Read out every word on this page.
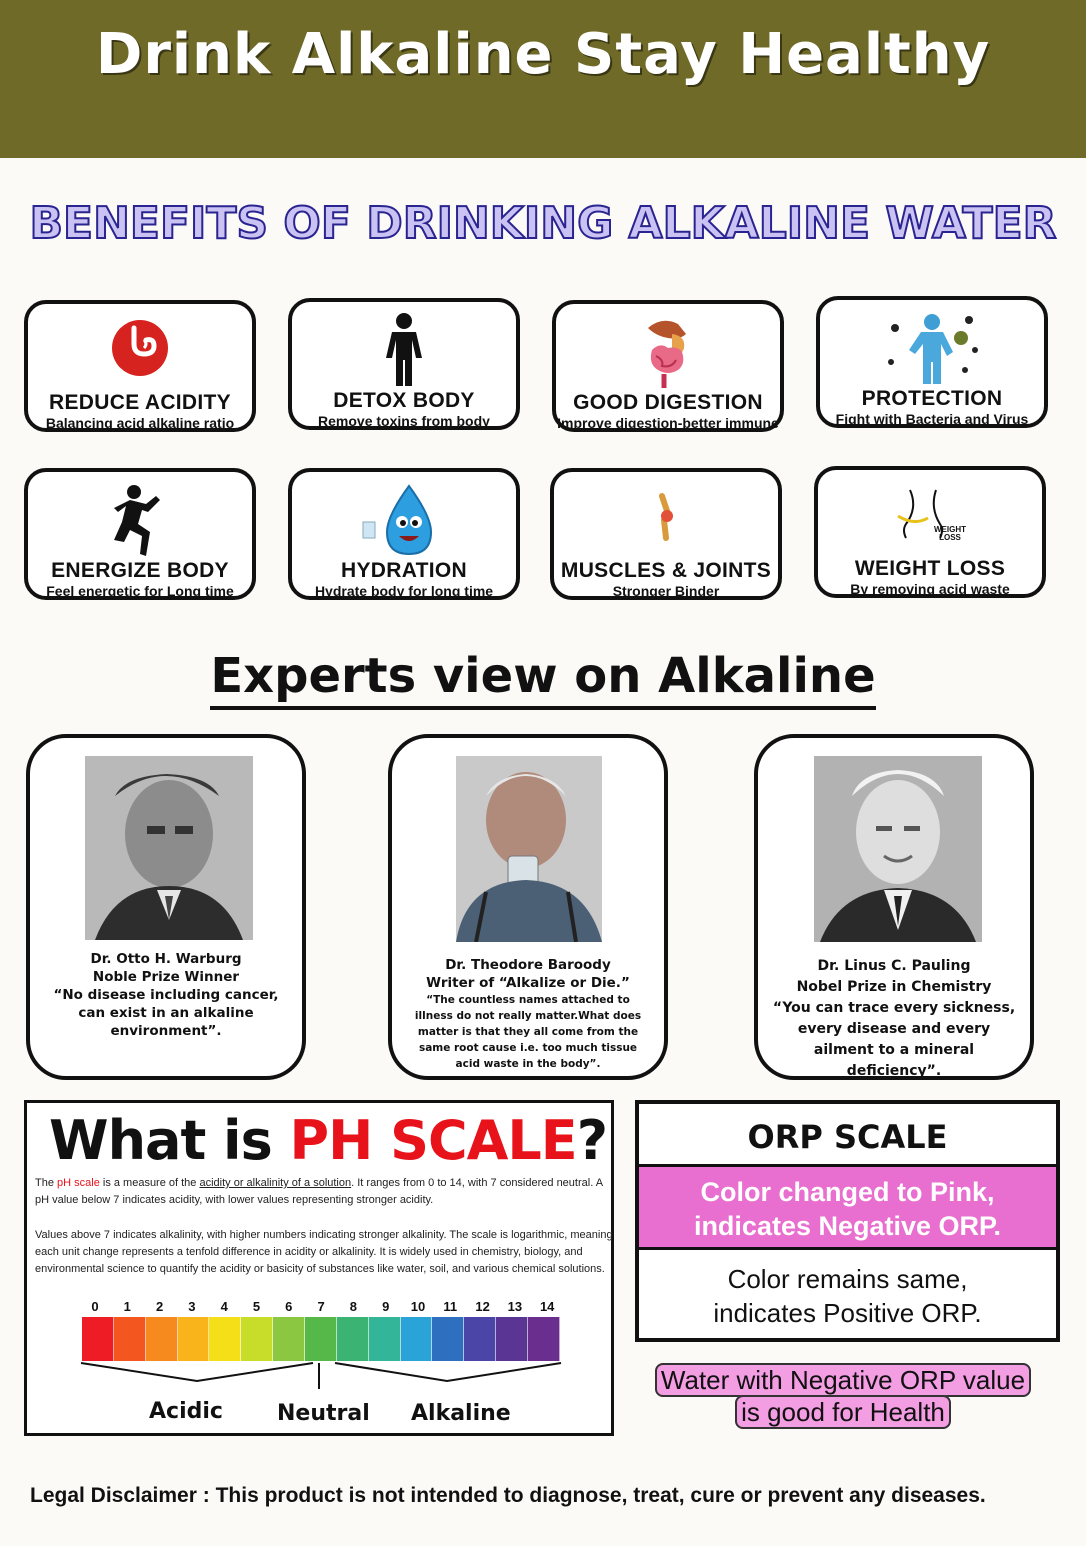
Drink Alkaline Stay Healthy
BENEFITS OF DRINKING ALKALINE WATER
REDUCE ACIDITY
Balancing acid alkaline ratio
DETOX BODY
Remove toxins from body
GOOD DIGESTION
Improve digestion-better immune
PROTECTION
Fight with Bacteria and Virus
ENERGIZE BODY
Feel energetic for Long time
HYDRATION
Hydrate body for long time
MUSCLES & JOINTS
Stronger Binder
WEIGHT LOSS
WEIGHT LOSS
By removing acid waste
Experts view on Alkaline
Dr. Otto H. Warburg
Noble Prize Winner
“No disease including cancer, can exist in an alkaline environment”.
Dr. Theodore Baroody
Writer of “Alkalize or Die.”
“The countless names attached to illness do not really matter.What does matter is that they all come from the same root cause i.e. too much tissue acid waste in the body”.
Dr. Linus C. Pauling
Nobel Prize in Chemistry
“You can trace every sickness, every disease and every ailment to a mineral deficiency”.
What is PH SCALE?
The pH scale is a measure of the acidity or alkalinity of a solution. It ranges from 0 to 14, with 7 considered neutral. A pH value below 7 indicates acidity, with lower values representing stronger acidity.
Values above 7 indicates alkalinity, with higher numbers indicating stronger alkalinity. The scale is logarithmic, meaning each unit change represents a tenfold difference in acidity or alkalinity. It is widely used in chemistry, biology, and environmental science to quantify the acidity or basicity of substances like water, soil, and various chemical solutions.
0	1	2	3	4	5	6	7	8	9	10	11	12	13	14
Acidic Neutral Alkaline
ORP SCALE
Color changed to Pink,
indicates Negative ORP.
Color remains same,
indicates Positive ORP.
Water with Negative ORP value
is good for Health
Legal Disclaimer : This product is not intended to diagnose, treat, cure or prevent any diseases.
